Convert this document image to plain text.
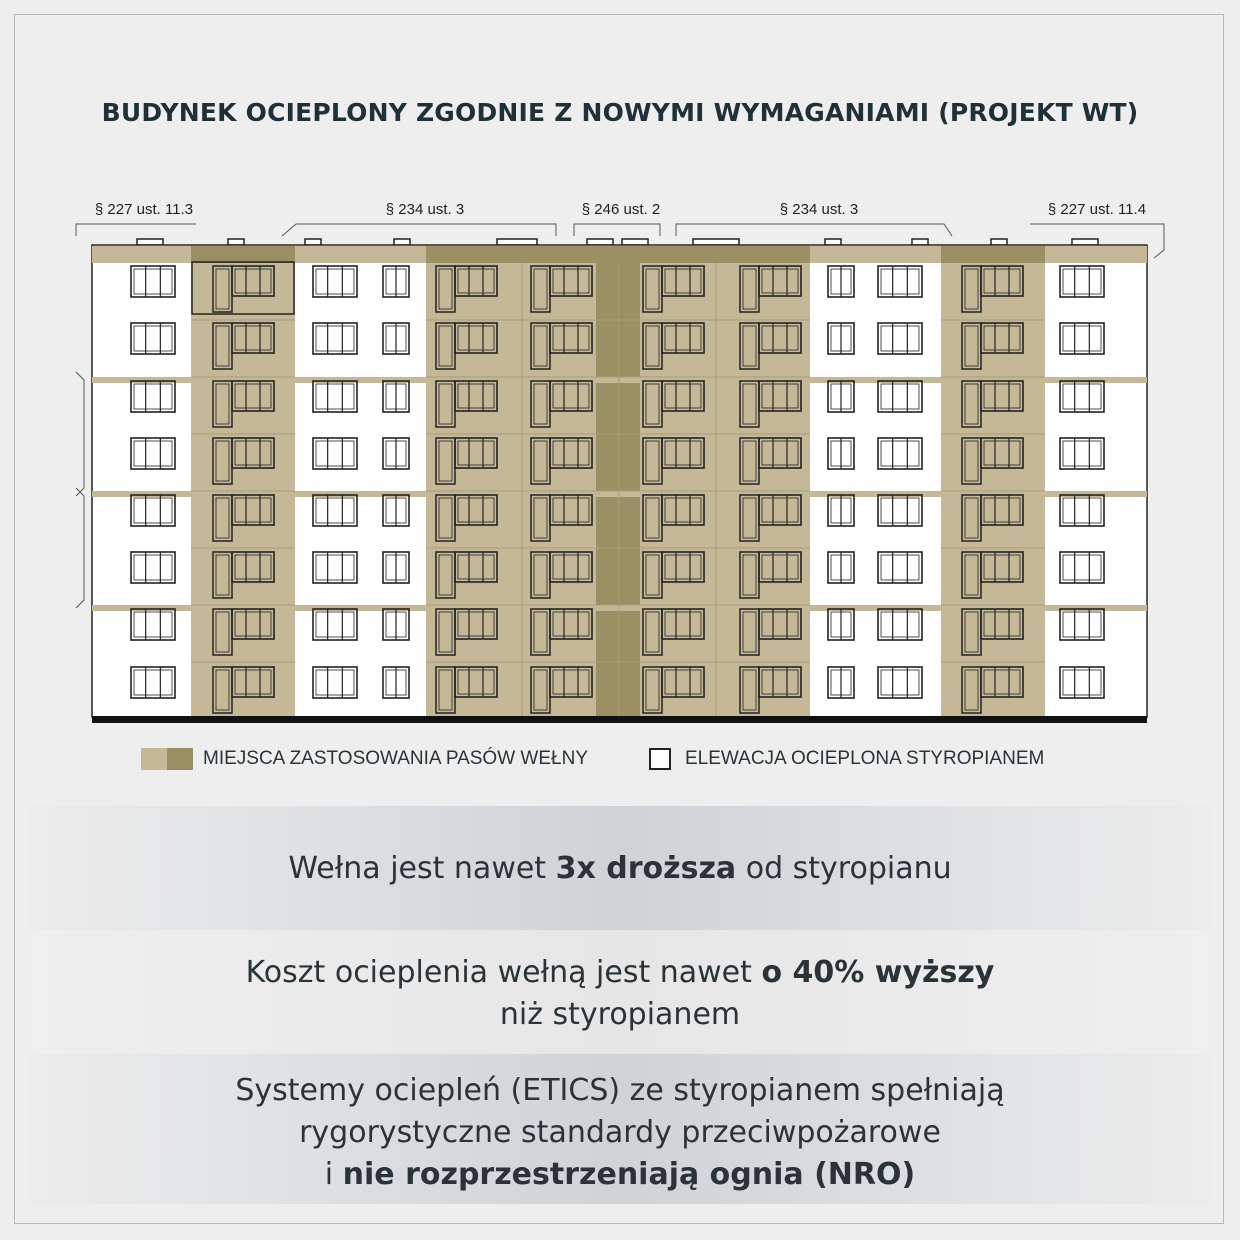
BUDYNEK OCIEPLONY ZGODNIE Z NOWYMI WYMAGANIAMI (PROJEKT WT)
§ 227 ust. 11.3	§ 234 ust. 3	§ 246 ust. 2	§ 234 ust. 3	§ 227 ust. 11.4
MIEJSCA ZASTOSOWANIA PASÓW WEŁNY	ELEWACJA OCIEPLONA STYROPIANEM
Wełna jest nawet 3x droższa od styropianu
Koszt ocieplenia wełną jest nawet o 40% wyższy
niż styropianem
Systemy ociepleń (ETICS) ze styropianem spełniają
rygorystyczne standardy przeciwpożarowe
i nie rozprzestrzeniają ognia (NRO)
